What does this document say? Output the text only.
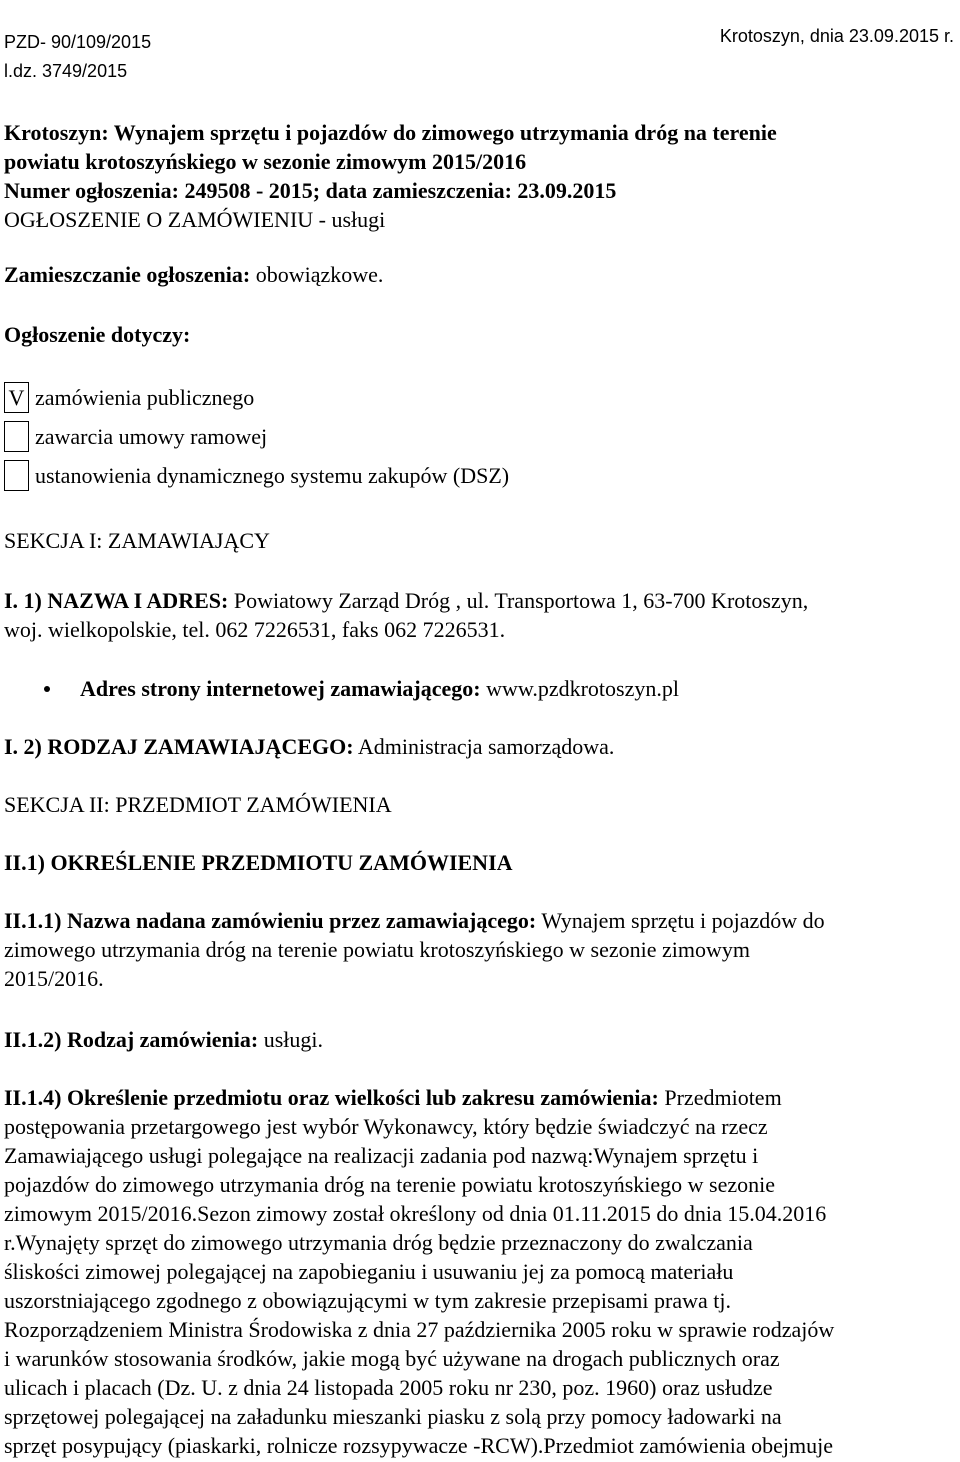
PZD- 90/109/2015
l.dz. 3749/2015
Krotoszyn, dnia 23.09.2015 r.
Krotoszyn: Wynajem sprzętu i pojazdów do zimowego utrzymania dróg na terenie
powiatu krotoszyńskiego w sezonie zimowym 2015/2016
Numer ogłoszenia: 249508 - 2015; data zamieszczenia: 23.09.2015
OGŁOSZENIE O ZAMÓWIENIU - usługi
Zamieszczanie ogłoszenia: obowiązkowe.
Ogłoszenie dotyczy:
V zamówienia publicznego
zawarcia umowy ramowej
ustanowienia dynamicznego systemu zakupów (DSZ)
SEKCJA I: ZAMAWIAJĄCY
I. 1) NAZWA I ADRES: Powiatowy Zarząd Dróg , ul. Transportowa 1, 63-700 Krotoszyn,
woj. wielkopolskie, tel. 062 7226531, faks 062 7226531.
Adres strony internetowej zamawiającego: www.pzdkrotoszyn.pl
I. 2) RODZAJ ZAMAWIAJĄCEGO: Administracja samorządowa.
SEKCJA II: PRZEDMIOT ZAMÓWIENIA
II.1) OKREŚLENIE PRZEDMIOTU ZAMÓWIENIA
II.1.1) Nazwa nadana zamówieniu przez zamawiającego: Wynajem sprzętu i pojazdów do
zimowego utrzymania dróg na terenie powiatu krotoszyńskiego w sezonie zimowym
2015/2016.
II.1.2) Rodzaj zamówienia: usługi.
II.1.4) Określenie przedmiotu oraz wielkości lub zakresu zamówienia: Przedmiotem
postępowania przetargowego jest wybór Wykonawcy, który będzie świadczyć na rzecz
Zamawiającego usługi polegające na realizacji zadania pod nazwą:Wynajem sprzętu i
pojazdów do zimowego utrzymania dróg na terenie powiatu krotoszyńskiego w sezonie
zimowym 2015/2016.Sezon zimowy został określony od dnia 01.11.2015 do dnia 15.04.2016
r.Wynajęty sprzęt do zimowego utrzymania dróg będzie przeznaczony do zwalczania
śliskości zimowej polegającej na zapobieganiu i usuwaniu jej za pomocą materiału
uszorstniającego zgodnego z obowiązującymi w tym zakresie przepisami prawa tj.
Rozporządzeniem Ministra Środowiska z dnia 27 października 2005 roku w sprawie rodzajów
i warunków stosowania środków, jakie mogą być używane na drogach publicznych oraz
ulicach i placach (Dz. U. z dnia 24 listopada 2005 roku nr 230, poz. 1960) oraz usłudze
sprzętowej polegającej na załadunku mieszanki piasku z solą przy pomocy ładowarki na
sprzęt posypujący (piaskarki, rolnicze rozsypywacze -RCW).Przedmiot zamówienia obejmuje
